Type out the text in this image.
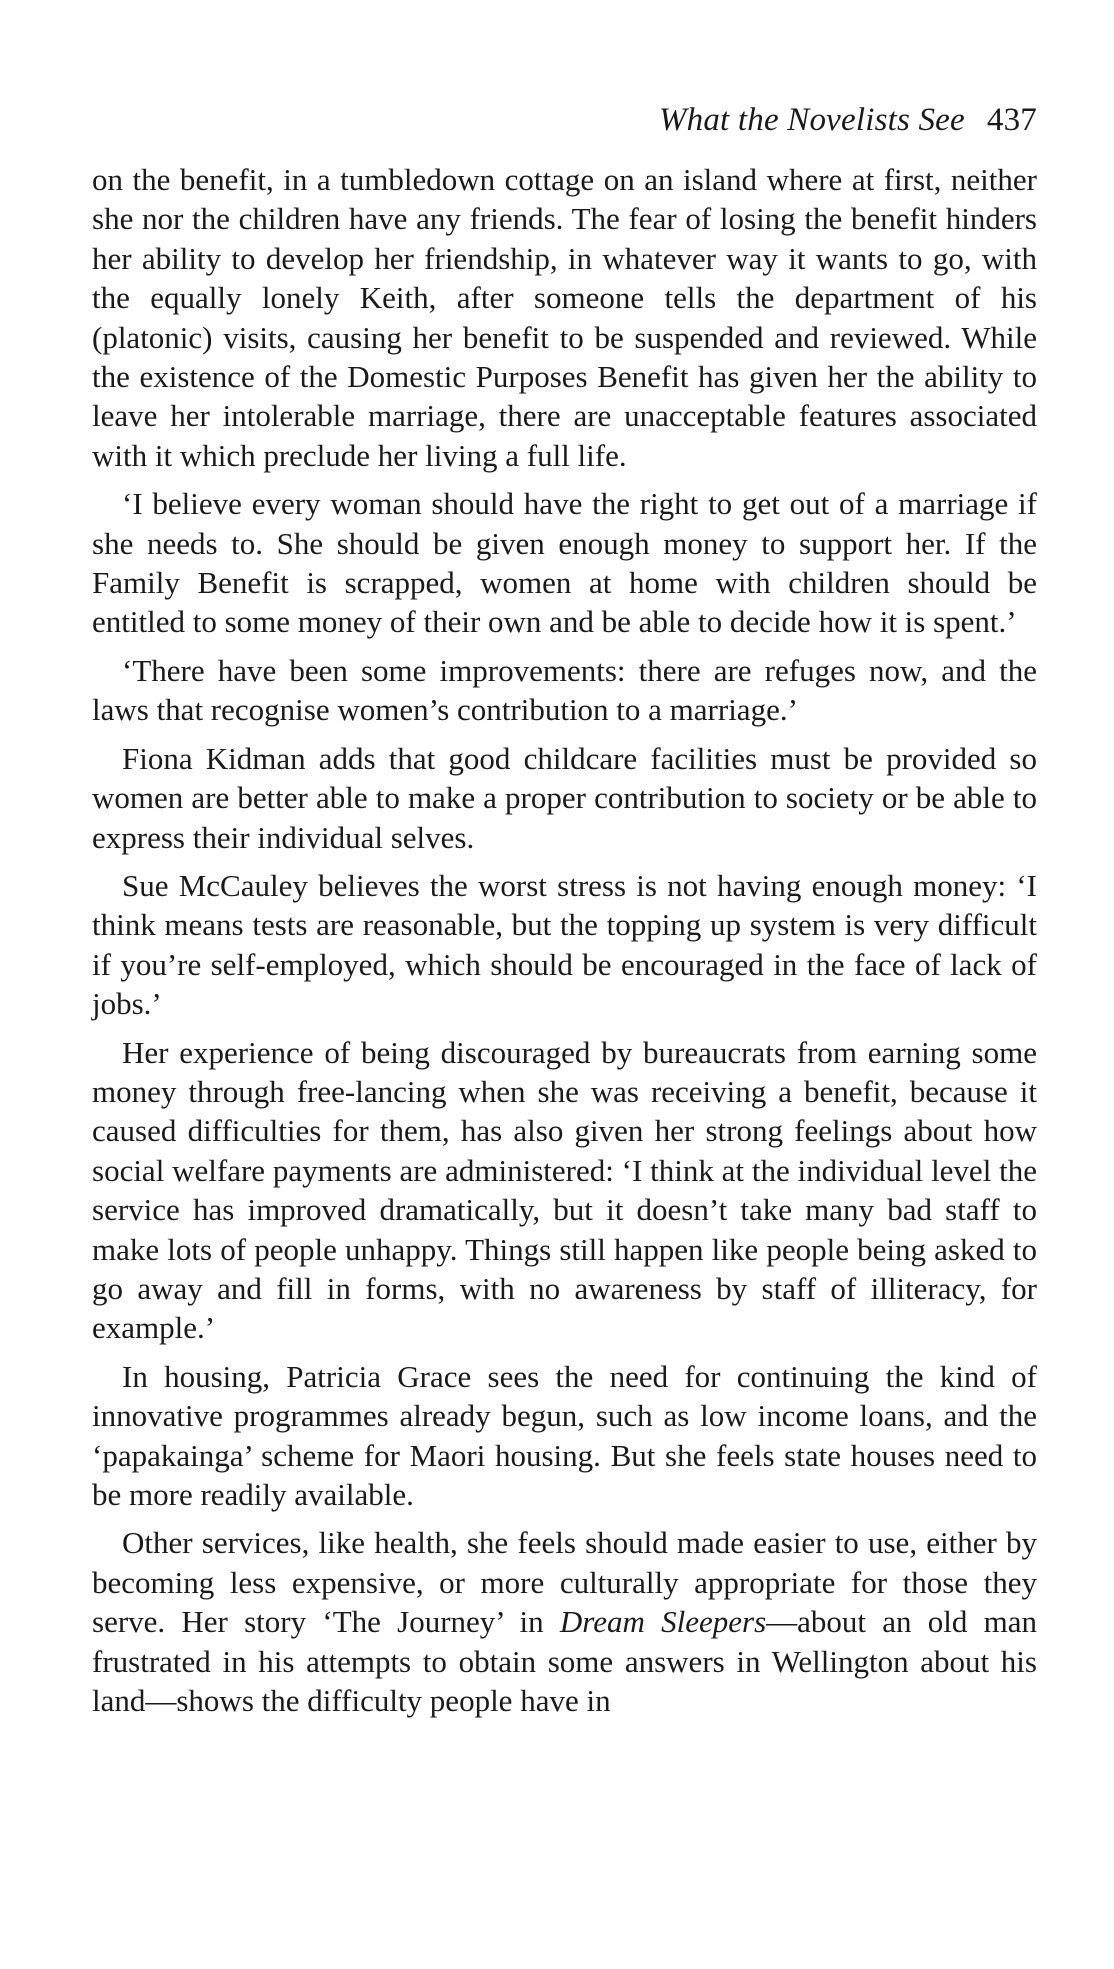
What the Novelists See 437

on the benefit, in a tumbledown cottage on an island where at first, neither she nor the children have any friends. The fear of losing the benefit hinders her ability to develop her friendship, in whatever way it wants to go, with the equally lonely Keith, after someone tells the department of his (platonic) visits, causing her benefit to be suspended and reviewed. While the existence of the Domestic Purposes Benefit has given her the ability to leave her intolerable marriage, there are unacceptable features associated with it which preclude her living a full life.

‘I believe every woman should have the right to get out of a marriage if she needs to. She should be given enough money to support her. If the Family Benefit is scrapped, women at home with children should be entitled to some money of their own and be able to decide how it is spent.’

‘There have been some improvements: there are refuges now, and the laws that recognise women’s contribution to a marriage.’

Fiona Kidman adds that good childcare facilities must be provided so women are better able to make a proper contribution to society or be able to express their individual selves.

Sue McCauley believes the worst stress is not having enough money: ‘I think means tests are reasonable, but the topping up system is very difficult if you’re self-employed, which should be encouraged in the face of lack of jobs.’

Her experience of being discouraged by bureaucrats from earning some money through free-lancing when she was receiving a benefit, because it caused difficulties for them, has also given her strong feelings about how social welfare payments are administered: ‘I think at the individual level the service has improved dramatically, but it doesn’t take many bad staff to make lots of people unhappy. Things still happen like people being asked to go away and fill in forms, with no awareness by staff of illiteracy, for example.’

In housing, Patricia Grace sees the need for continuing the kind of innovative programmes already begun, such as low income loans, and the ‘papakainga’ scheme for Maori housing. But she feels state houses need to be more readily available.

Other services, like health, she feels should made easier to use, either by becoming less expensive, or more culturally appropriate for those they serve. Her story ‘The Journey’ in Dream Sleepers—about an old man frustrated in his attempts to obtain some answers in Wellington about his land—shows the difficulty people have in
